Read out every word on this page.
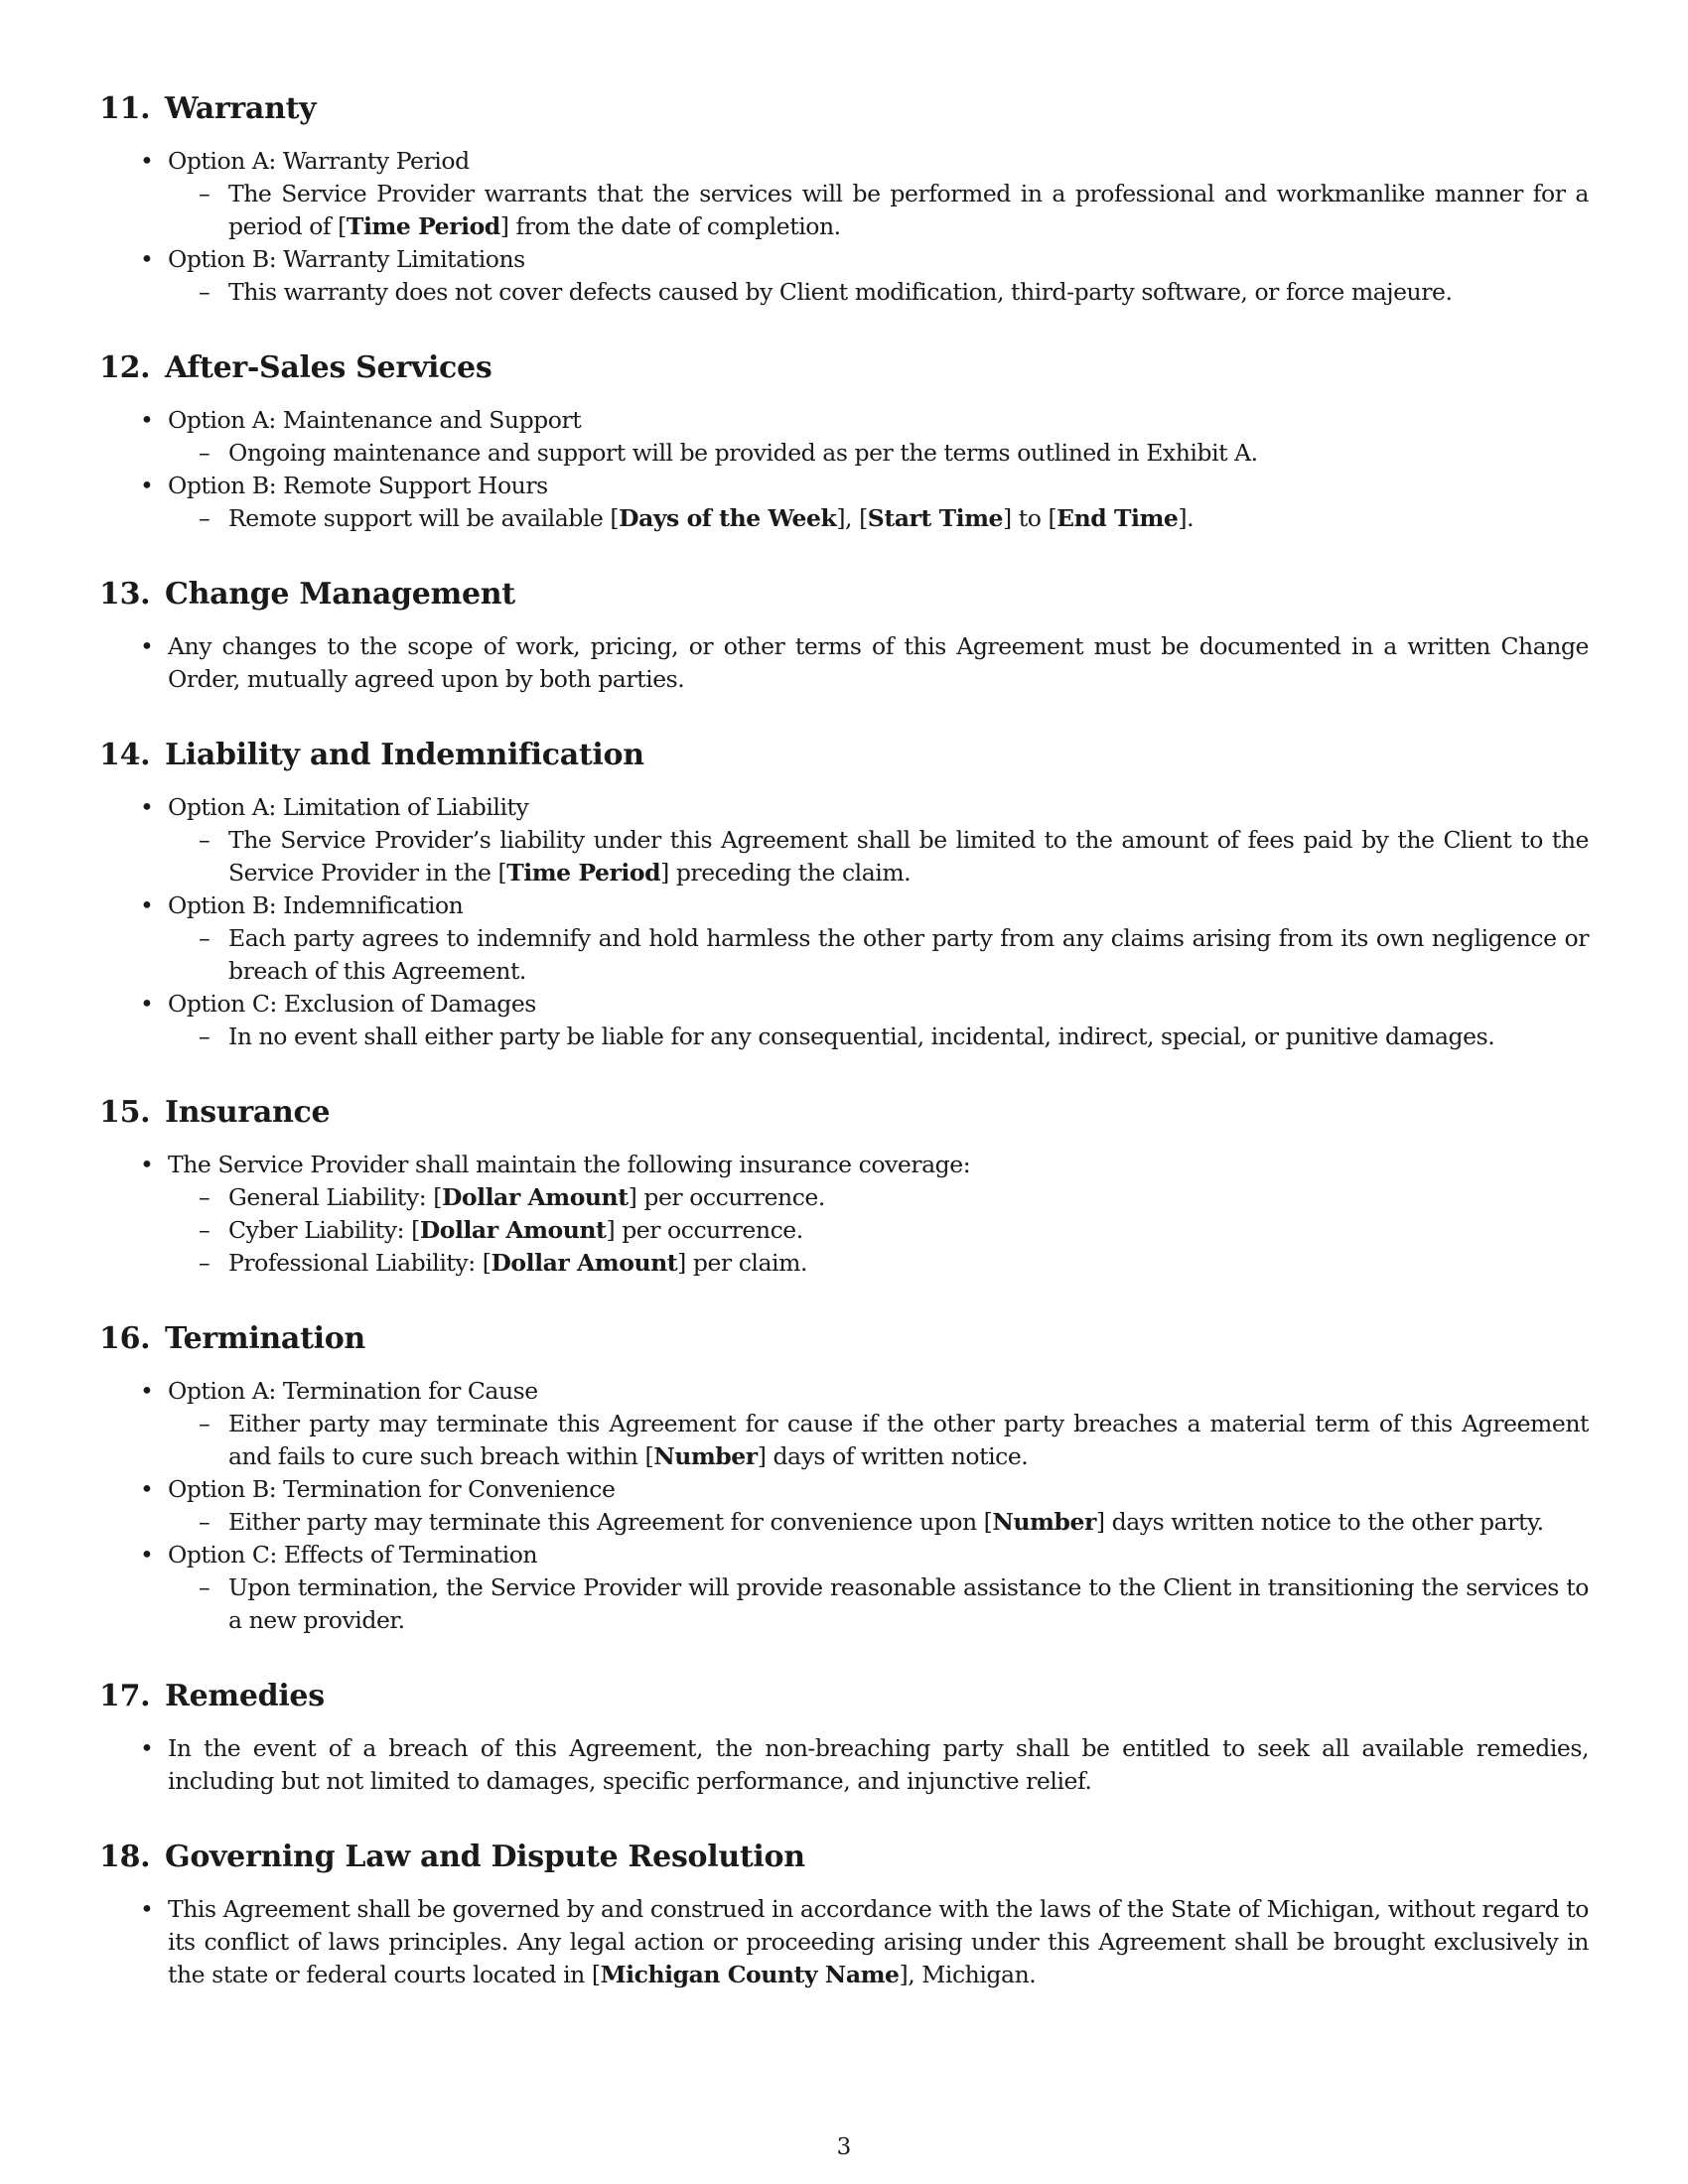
11. Warranty
• Option A: Warranty Period
– The Service Provider warrants that the services will be performed in a professional and workmanlike manner for a period of [Time Period] from the date of completion.
• Option B: Warranty Limitations
– This warranty does not cover defects caused by Client modification, third-party software, or force majeure.
12. After-Sales Services
• Option A: Maintenance and Support
– Ongoing maintenance and support will be provided as per the terms outlined in Exhibit A.
• Option B: Remote Support Hours
– Remote support will be available [Days of the Week], [Start Time] to [End Time].
13. Change Management
• Any changes to the scope of work, pricing, or other terms of this Agreement must be documented in a written Change Order, mutually agreed upon by both parties.
14. Liability and Indemnification
• Option A: Limitation of Liability
– The Service Provider’s liability under this Agreement shall be limited to the amount of fees paid by the Client to the Service Provider in the [Time Period] preceding the claim.
• Option B: Indemnification
– Each party agrees to indemnify and hold harmless the other party from any claims arising from its own negligence or breach of this Agreement.
• Option C: Exclusion of Damages
– In no event shall either party be liable for any consequential, incidental, indirect, special, or punitive damages.
15. Insurance
• The Service Provider shall maintain the following insurance coverage:
– General Liability: [Dollar Amount] per occurrence.
– Cyber Liability: [Dollar Amount] per occurrence.
– Professional Liability: [Dollar Amount] per claim.
16. Termination
• Option A: Termination for Cause
– Either party may terminate this Agreement for cause if the other party breaches a material term of this Agreement and fails to cure such breach within [Number] days of written notice.
• Option B: Termination for Convenience
– Either party may terminate this Agreement for convenience upon [Number] days written notice to the other party.
• Option C: Effects of Termination
– Upon termination, the Service Provider will provide reasonable assistance to the Client in transitioning the services to a new provider.
17. Remedies
• In the event of a breach of this Agreement, the non-breaching party shall be entitled to seek all available remedies, including but not limited to damages, specific performance, and injunctive relief.
18. Governing Law and Dispute Resolution
• This Agreement shall be governed by and construed in accordance with the laws of the State of Michigan, without regard to its conflict of laws principles. Any legal action or proceeding arising under this Agreement shall be brought exclusively in the state or federal courts located in [Michigan County Name], Michigan.
3
